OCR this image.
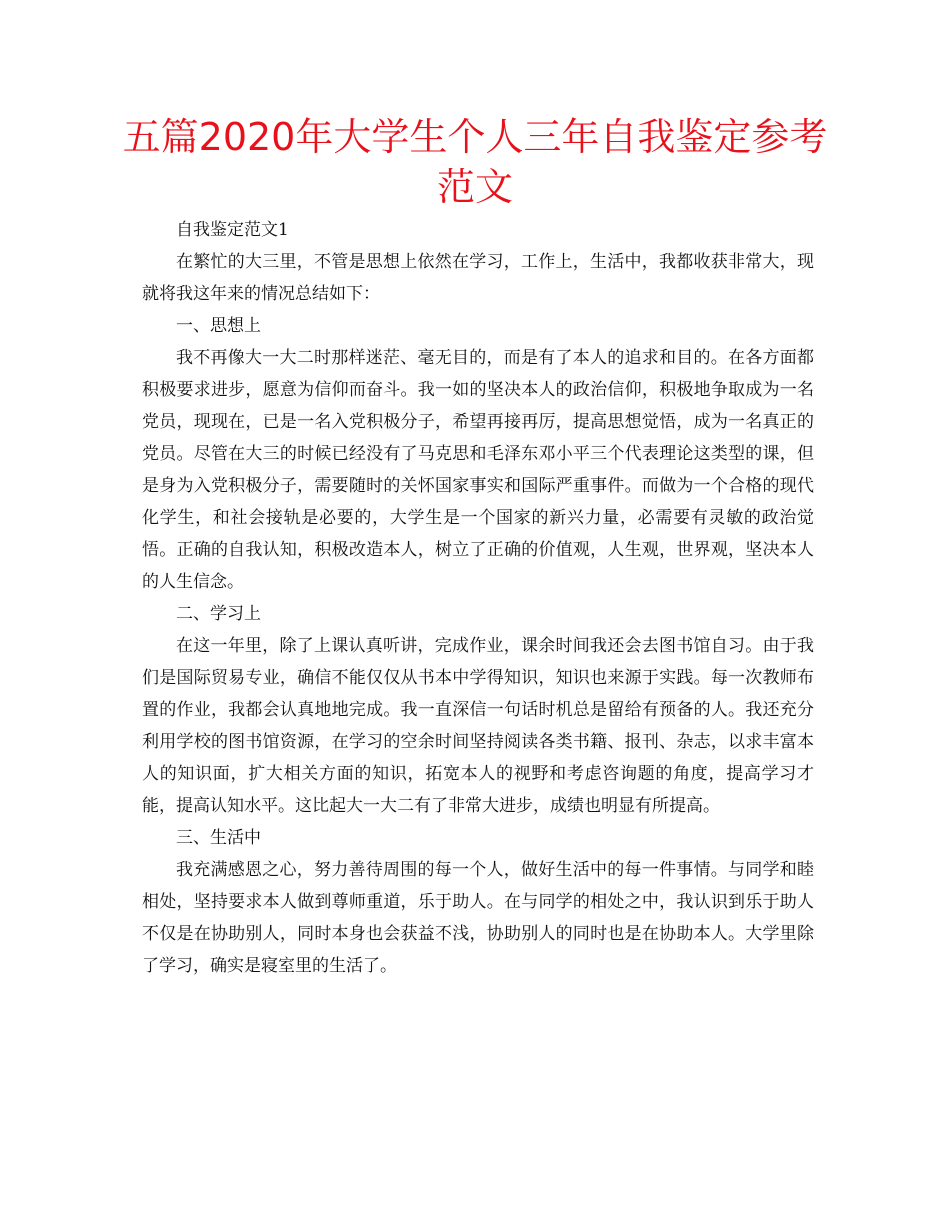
五篇2020年大学生个人三年自我鉴定参考范文

自我鉴定范文1

在繁忙的大三里，不管是思想上依然在学习，工作上，生活中，我都收获非常大，现就将我这年来的情况总结如下：

一、思想上

我不再像大一大二时那样迷茫、毫无目的，而是有了本人的追求和目的。在各方面都积极要求进步，愿意为信仰而奋斗。我一如的坚决本人的政治信仰，积极地争取成为一名党员，现现在，已是一名入党积极分子，希望再接再厉，提高思想觉悟，成为一名真正的党员。尽管在大三的时候已经没有了马克思和毛泽东邓小平三个代表理论这类型的课，但是身为入党积极分子，需要随时的关怀国家事实和国际严重事件。而做为一个合格的现代化学生，和社会接轨是必要的，大学生是一个国家的新兴力量，必需要有灵敏的政治觉悟。正确的自我认知，积极改造本人，树立了正确的价值观，人生观，世界观，坚决本人的人生信念。

二、学习上

在这一年里，除了上课认真听讲，完成作业，课余时间我还会去图书馆自习。由于我们是国际贸易专业，确信不能仅仅从书本中学得知识，知识也来源于实践。每一次教师布置的作业，我都会认真地地完成。我一直深信一句话时机总是留给有预备的人。我还充分利用学校的图书馆资源，在学习的空余时间坚持阅读各类书籍、报刊、杂志，以求丰富本人的知识面，扩大相关方面的知识，拓宽本人的视野和考虑咨询题的角度，提高学习才能，提高认知水平。这比起大一大二有了非常大进步，成绩也明显有所提高。

三、生活中

我充满感恩之心，努力善待周围的每一个人，做好生活中的每一件事情。与同学和睦相处，坚持要求本人做到尊师重道，乐于助人。在与同学的相处之中，我认识到乐于助人不仅是在协助别人，同时本身也会获益不浅，协助别人的同时也是在协助本人。大学里除了学习，确实是寝室里的生活了。
